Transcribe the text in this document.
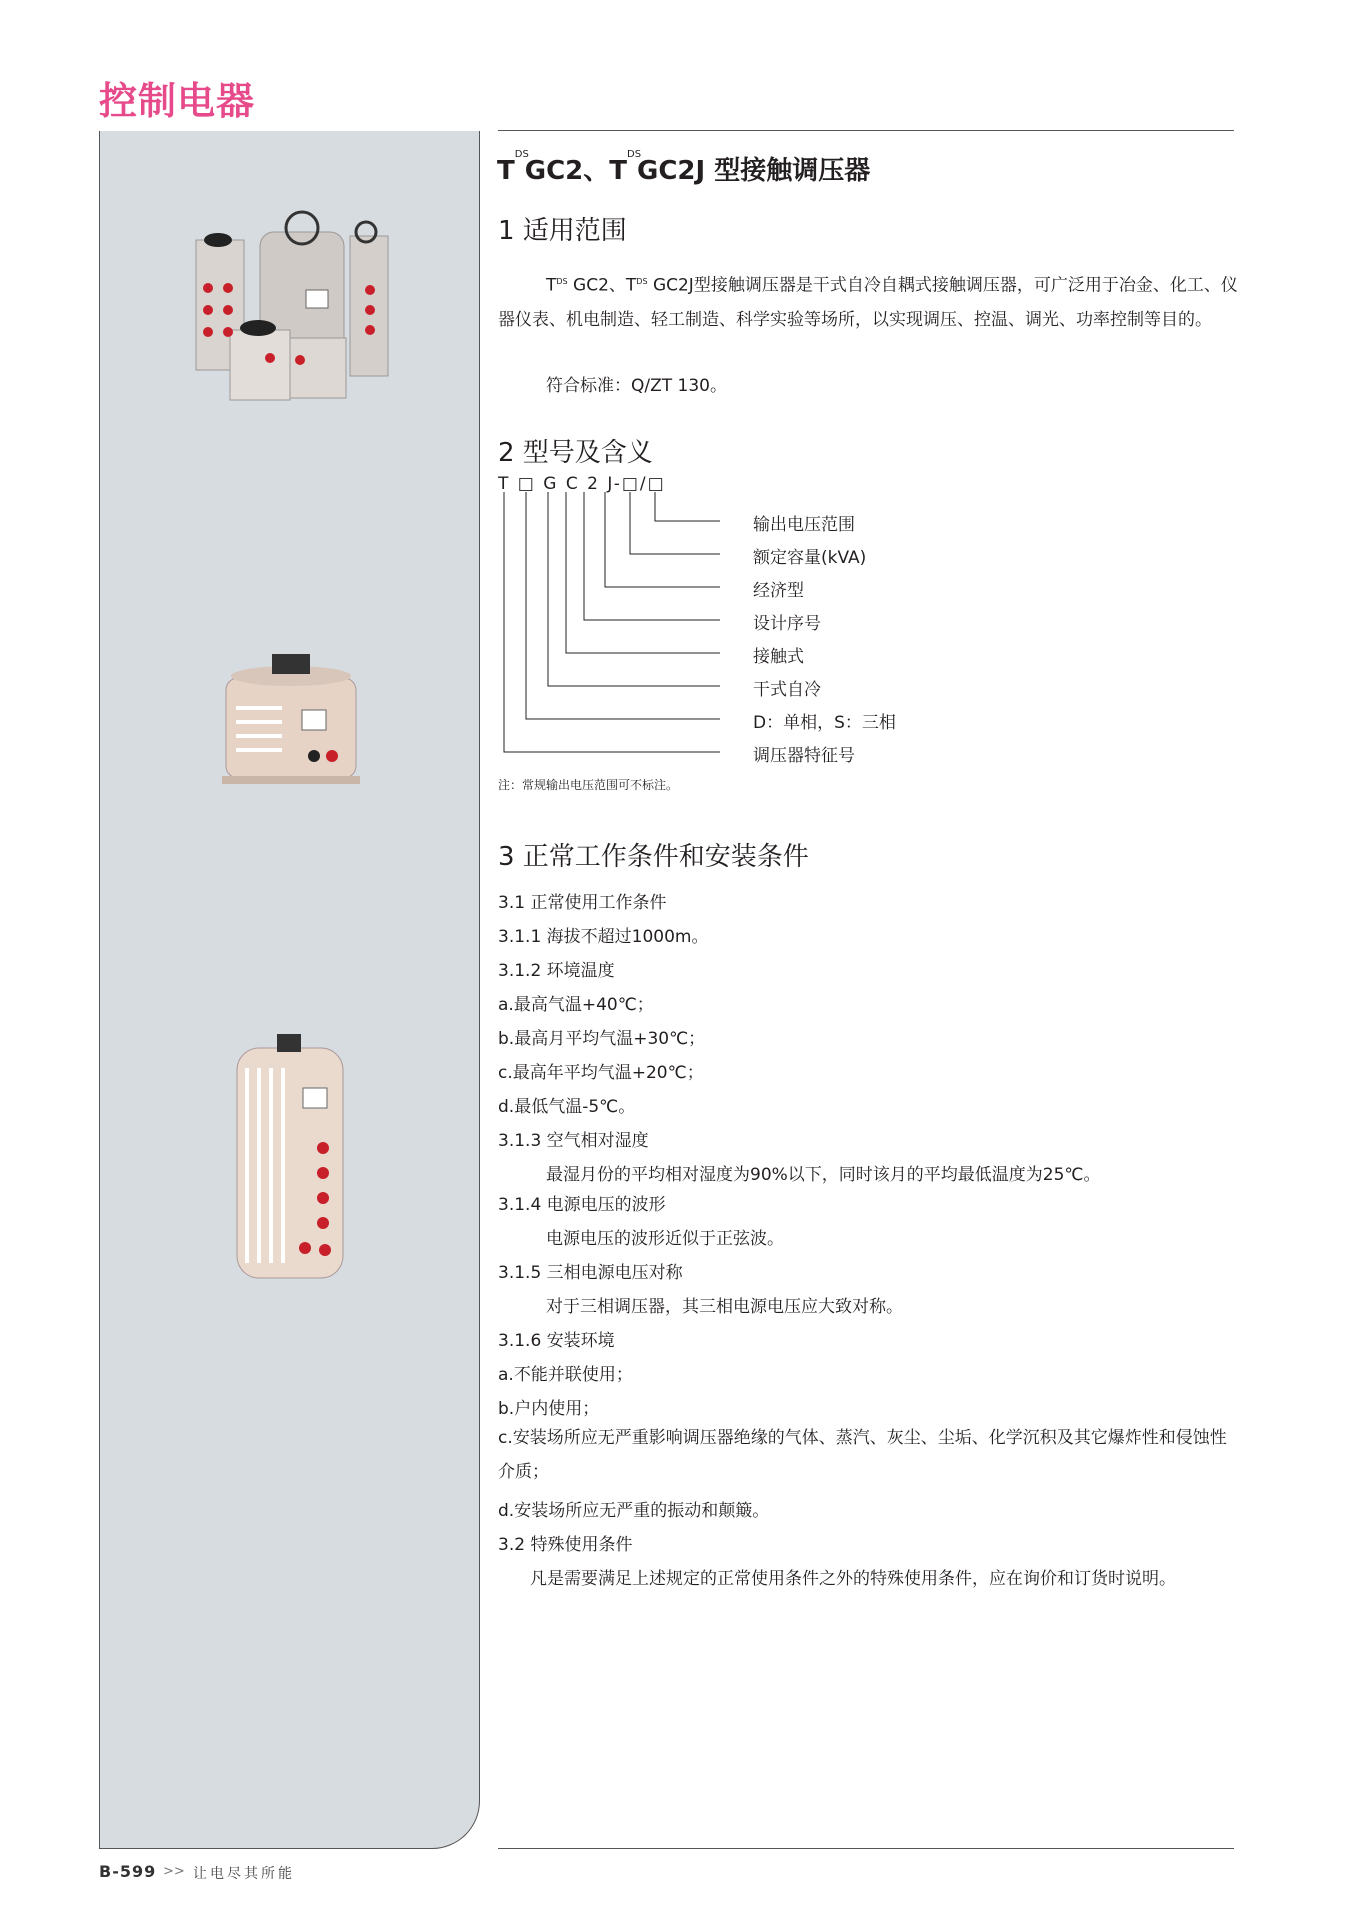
控制电器
$T^{DS}GC2$、$T^{DS}GC2J$ 型接触调压器
1 适用范围
$T^{DS}$ GC2、$T^{DS}$ GC2J型接触调压器是干式自冷自耦式接触调压器，可广泛用于冶金、化工、仪器仪表、机电制造、轻工制造、科学实验等场所，以实现调压、控温、调光、功率控制等目的。
符合标准：Q/ZT 130。
2 型号及含义
T □ G C 2 J-□/□
输出电压范围
额定容量(kVA)
经济型
设计序号
接触式
干式自冷
D：单相，S：三相
调压器特征号
注：常规输出电压范围可不标注。
3 正常工作条件和安装条件
3.1 正常使用工作条件
3.1.1 海拔不超过1000m。
3.1.2 环境温度
a.最高气温+40℃；
b.最高月平均气温+30℃；
c.最高年平均气温+20℃；
d.最低气温-5℃。
3.1.3 空气相对湿度
最湿月份的平均相对湿度为90%以下，同时该月的平均最低温度为25℃。
3.1.4 电源电压的波形
电源电压的波形近似于正弦波。
3.1.5 三相电源电压对称
对于三相调压器，其三相电源电压应大致对称。
3.1.6 安装环境
a.不能并联使用；
b.户内使用；
c.安装场所应无严重影响调压器绝缘的气体、蒸汽、灰尘、尘垢、化学沉积及其它爆炸性和侵蚀性介质；
d.安装场所应无严重的振动和颠簸。
3.2 特殊使用条件
凡是需要满足上述规定的正常使用条件之外的特殊使用条件，应在询价和订货时说明。
B-599 >> 让电尽其所能
